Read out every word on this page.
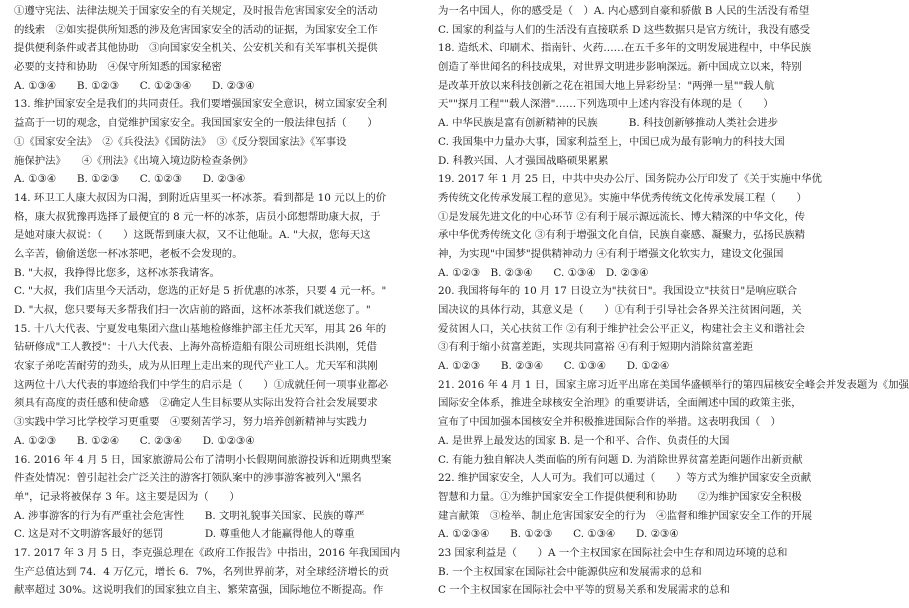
①遵守宪法、法律法规关于国家安全的有关规定，及时报告危害国家安全的活动
的线索　②如实提供所知悉的涉及危害国家安全的活动的证据，为国家安全工作
提供便利条件或者其他协助　③向国家安全机关、公安机关和有关军事机关提供
必要的支持和协助　④保守所知悉的国家秘密
A. ①③④　　B. ①②③　　C. ①②③④　　D. ②③④
13. 维护国家安全是我们的共同责任。我们要增强国家安全意识，树立国家安全利
益高于一切的观念，自觉维护国家安全。我国国家安全的一般法律包括（　　）
①《国家安全法》　②《兵役法》《国防法》　③《反分裂国家法》《军事设
施保护法》　　④《刑法》《出境入境边防检查条例》
A. ①③④　　B. ①②③　　C. ①②③　　D. ②③④
14. 环卫工人康大叔因为口渴，到附近店里买一杯冰茶。看到都是 10 元以上的价
格，康大叔犹豫再选择了最便宜的 8 元一杯的冰茶，店员小邱想帮助康大叔，于
是她对康大叔说：（　　）这既帮到康大叔，又不让他耻。A. "大叔，您每天这
么辛苦，偷偷送您一杯冰茶吧，老板不会发现的。
B. "大叔，我挣得比您多，这杯冰茶我请客。
C. "大叔，我们店里今天活动，您选的正好是 5 折优惠的冰茶，只要 4 元一杯。"
D. "大叔，您只要每天多帮我们扫一次店前的路面，这杯冰茶我们就送您了。"
15. 十八大代表、宁夏发电集团六盘山基地检修维护部主任尤天军，用其 26 年的
钻研修成"工人教授"：十八大代表、上海外高桥造船有限公司班组长洪刚，凭借
农家子弟吃苦耐劳的劲头，成为从旧理上走出来的现代产业工人。尤天军和洪刚
这两位十八大代表的事迹给我们中学生的启示是（　　）①成就任何一项事业都必
须具有高度的责任感和使命感　②确定人生目标要从实际出发符合社会发展要求
③实践中学习比学校学习更重要　④要刻苦学习，努力培养创新精神与实践力
A. ①②③　　B. ①②④　　C. ②③④　　D. ①②③④
16. 2016 年 4 月 5 日，国家旅游局公布了清明小长假期间旅游投诉和近期典型案
件查处情况：曾引起社会广泛关注的游客打领队案中的涉事游客被列入"黑名
单"，记录将被保存 3 年。这主要是因为（　　）
A. 涉事游客的行为有严重社会危害性　　B. 文明礼貌事关国家、民族的尊严
C. 这是对不文明游客最好的惩罚　　　　D. 尊重他人才能赢得他人的尊重
17. 2017 年 3 月 5 日，李克强总理在《政府工作报告》中指出，2016 年我国国内
生产总值达到 74．4 万亿元，增长 6．7%，名列世界前茅，对全球经济增长的贡
献率超过 30%。这说明我们的国家独立自主、繁荣富强，国际地位不断提高。作
为一名中国人，你的感受是（　）A. 内心感到自豪和骄傲 B 人民的生活没有希望
C. 国家的利益与人们的生活没有直接联系 D 这些数据只是官方统计，我没有感受
18. 造纸术、印刷术、指南针、火药……在五千多年的文明发展进程中，中华民族
创造了举世闻名的科技成果，对世界文明进步影响深远。新中国成立以来，特别
是改革开放以来科技创新之花在祖国大地上异彩纷呈："两弹一星""载人航
天""探月工程""载人深潜"……下列选项中上述内容没有体现的是（　　）
A. 中华民族是富有创新精神的民族　　　B. 科技创新够推动人类社会进步
C. 我国集中力量办大事，国家利益至上，中国已成为最有影响力的科技大国
D. 科教兴国、人才强国战略硕果累累
19. 2017 年 1 月 25 日，中共中央办公厅、国务院办公厅印发了《关于实施中华优
秀传统文化传承发展工程的意见》。实施中华优秀传统文化传承发展工程（　　）
①是发展先进文化的中心环节 ②有利于展示源远流长、博大精深的中华文化，传
承中华优秀传统文化 ③有利于增强文化自信，民族自豪感、凝聚力，弘扬民族精
神，为实现"中国梦"提供精神动力 ④有利于增强文化软实力，建设文化强国
A. ①②③　B. ②③④　　C. ①③④　D. ②③④
20. 我国将每年的 10 月 17 日设立为"扶贫日"。我国设立"扶贫日"是响应联合
国决议的具体行动，其意义是（　　）①有利于引导社会各界关注贫困问题，关
爱贫困人口，关心扶贫工作 ②有利于维护社会公平正义，构建社会主义和谐社会
③有利于缩小贫富差距，实现共同富裕 ④有利于短期内消除贫富差距
A. ①②③　　B. ②③④　　C. ①③④　　D. ①②④
21. 2016 年 4 月 1 日，国家主席习近平出席在美国华盛顿举行的第四届核安全峰会并发表题为《加强
国际安全体系，推进全球核安全治理》的重要讲话，全面阐述中国的政策主张，
宣布了中国加强本国核安全并积极推进国际合作的举措。这表明我国（　）
A. 是世界上最发达的国家 B. 是一个和平、合作、负责任的大国
C. 有能力独自解决人类面临的所有问题 D. 为消除世界贫富差距问题作出新贡献
22. 维护国家安全，人人可为。我们可以通过（　　）等方式为维护国家安全贡献
智慧和力量。①为维护国家安全工作提供便利和协助　　②为维护国家安全积极
建言献策　③检举、制止危害国家安全的行为　④监督和维护国家安全工作的开展
A. ①②③④　　B. ①②③　　C. ①③④　　D. ②③④
23 国家利益是（　　）A 一个主权国家在国际社会中生存和周边环境的总和
B. 一个主权国家在国际社会中能源供应和发展需求的总和
C 一个主权国家在国际社会中平等的贸易关系和发展需求的总和
